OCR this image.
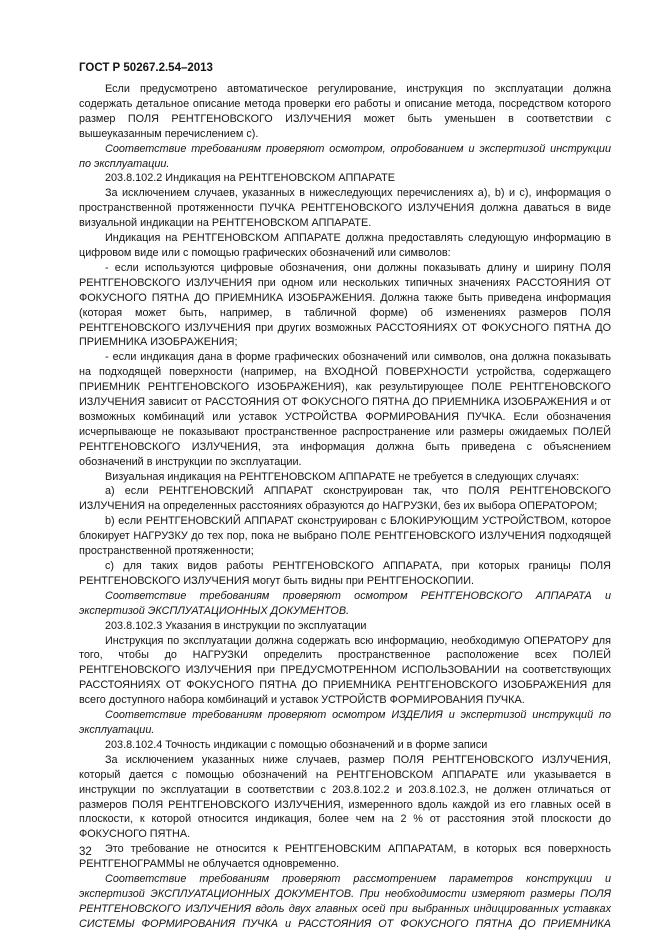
ГОСТ Р 50267.2.54–2013

Если предусмотрено автоматическое регулирование, инструкция по эксплуатации должна содержать детальное описание метода проверки его работы и описание метода, посредством которого размер ПОЛЯ РЕНТГЕНОВСКОГО ИЗЛУЧЕНИЯ может быть уменьшен в соответствии с вышеуказанным перечислением с).

Соответствие требованиям проверяют осмотром, опробованием и экспертизой инструкции по эксплуатации.

203.8.102.2 Индикация на РЕНТГЕНОВСКОМ АППАРАТЕ

За исключением случаев, указанных в нижеследующих перечислениях а), b) и с), информация о пространственной протяженности ПУЧКА РЕНТГЕНОВСКОГО ИЗЛУЧЕНИЯ должна даваться в виде визуальной индикации на РЕНТГЕНОВСКОМ АППАРАТЕ.

Индикация на РЕНТГЕНОВСКОМ АППАРАТЕ должна предоставлять следующую информацию в цифровом виде или с помощью графических обозначений или символов:

- если используются цифровые обозначения, они должны показывать длину и ширину ПОЛЯ РЕНТГЕНОВСКОГО ИЗЛУЧЕНИЯ при одном или нескольких типичных значениях РАССТОЯНИЯ ОТ ФОКУСНОГО ПЯТНА ДО ПРИЕМНИКА ИЗОБРАЖЕНИЯ. Должна также быть приведена информация (которая может быть, например, в табличной форме) об изменениях размеров ПОЛЯ РЕНТГЕНОВСКОГО ИЗЛУЧЕНИЯ при других возможных РАССТОЯНИЯХ ОТ ФОКУСНОГО ПЯТНА ДО ПРИЕМНИКА ИЗОБРАЖЕНИЯ;

- если индикация дана в форме графических обозначений или символов, она должна показывать на подходящей поверхности (например, на ВХОДНОЙ ПОВЕРХНОСТИ устройства, содержащего ПРИЕМНИК РЕНТГЕНОВСКОГО ИЗОБРАЖЕНИЯ), как результирующее ПОЛЕ РЕНТГЕНОВСКОГО ИЗЛУЧЕНИЯ зависит от РАССТОЯНИЯ ОТ ФОКУСНОГО ПЯТНА ДО ПРИЕМНИКА ИЗОБРАЖЕНИЯ и от возможных комбинаций или уставок УСТРОЙСТВА ФОРМИРОВАНИЯ ПУЧКА. Если обозначения исчерпывающе не показывают пространственное распространение или размеры ожидаемых ПОЛЕЙ РЕНТГЕНОВСКОГО ИЗЛУЧЕНИЯ, эта информация должна быть приведена с объяснением обозначений в инструкции по эксплуатации.

Визуальная индикация на РЕНТГЕНОВСКОМ АППАРАТЕ не требуется в следующих случаях:

а) если РЕНТГЕНОВСКИЙ АППАРАТ сконструирован так, что ПОЛЯ РЕНТГЕНОВСКОГО ИЗЛУЧЕНИЯ на определенных расстояниях образуются до НАГРУЗКИ, без их выбора ОПЕРАТОРОМ;

b) если РЕНТГЕНОВСКИЙ АППАРАТ сконструирован с БЛОКИРУЮЩИМ УСТРОЙСТВОМ, которое блокирует НАГРУЗКУ до тех пор, пока не выбрано ПОЛЕ РЕНТГЕНОВСКОГО ИЗЛУЧЕНИЯ подходящей пространственной протяженности;

с) для таких видов работы РЕНТГЕНОВСКОГО АППАРАТА, при которых границы ПОЛЯ РЕНТГЕНОВСКОГО ИЗЛУЧЕНИЯ могут быть видны при РЕНТГЕНОСКОПИИ.

Соответствие требованиям проверяют осмотром РЕНТГЕНОВСКОГО АППАРАТА и экспертизой ЭКСПЛУАТАЦИОННЫХ ДОКУМЕНТОВ.

203.8.102.3 Указания в инструкции по эксплуатации

Инструкция по эксплуатации должна содержать всю информацию, необходимую ОПЕРАТОРУ для того, чтобы до НАГРУЗКИ определить пространственное расположение всех ПОЛЕЙ РЕНТГЕНОВСКОГО ИЗЛУЧЕНИЯ при ПРЕДУСМОТРЕННОМ ИСПОЛЬЗОВАНИИ на соответствующих РАССТОЯНИЯХ ОТ ФОКУСНОГО ПЯТНА ДО ПРИЕМНИКА РЕНТГЕНОВСКОГО ИЗОБРАЖЕНИЯ для всего доступного набора комбинаций и уставок УСТРОЙСТВ ФОРМИРОВАНИЯ ПУЧКА.

Соответствие требованиям проверяют осмотром ИЗДЕЛИЯ и экспертизой инструкций по эксплуатации.

203.8.102.4 Точность индикации с помощью обозначений и в форме записи

За исключением указанных ниже случаев, размер ПОЛЯ РЕНТГЕНОВСКОГО ИЗЛУЧЕНИЯ, который дается с помощью обозначений на РЕНТГЕНОВСКОМ АППАРАТЕ или указывается в инструкции по эксплуатации в соответствии с 203.8.102.2 и 203.8.102.3, не должен отличаться от размеров ПОЛЯ РЕНТГЕНОВСКОГО ИЗЛУЧЕНИЯ, измеренного вдоль каждой из его главных осей в плоскости, к которой относится индикация, более чем на 2 % от расстояния этой плоскости до ФОКУСНОГО ПЯТНА.

Это требование не относится к РЕНТГЕНОВСКИМ АППАРАТАМ, в которых вся поверхность РЕНТГЕНОГРАММЫ не облучается одновременно.

Соответствие требованиям проверяют рассмотрением параметров конструкции и экспертизой ЭКСПЛУАТАЦИОННЫХ ДОКУМЕНТОВ. При необходимости измеряют размеры ПОЛЯ РЕНТГЕНОВСКОГО ИЗЛУЧЕНИЯ вдоль двух главных осей при выбранных индицированных уставках СИСТЕМЫ ФОРМИРОВАНИЯ ПУЧКА и РАССТОЯНИЯ ОТ ФОКУСНОГО ПЯТНА ДО ПРИЕМНИКА

32
